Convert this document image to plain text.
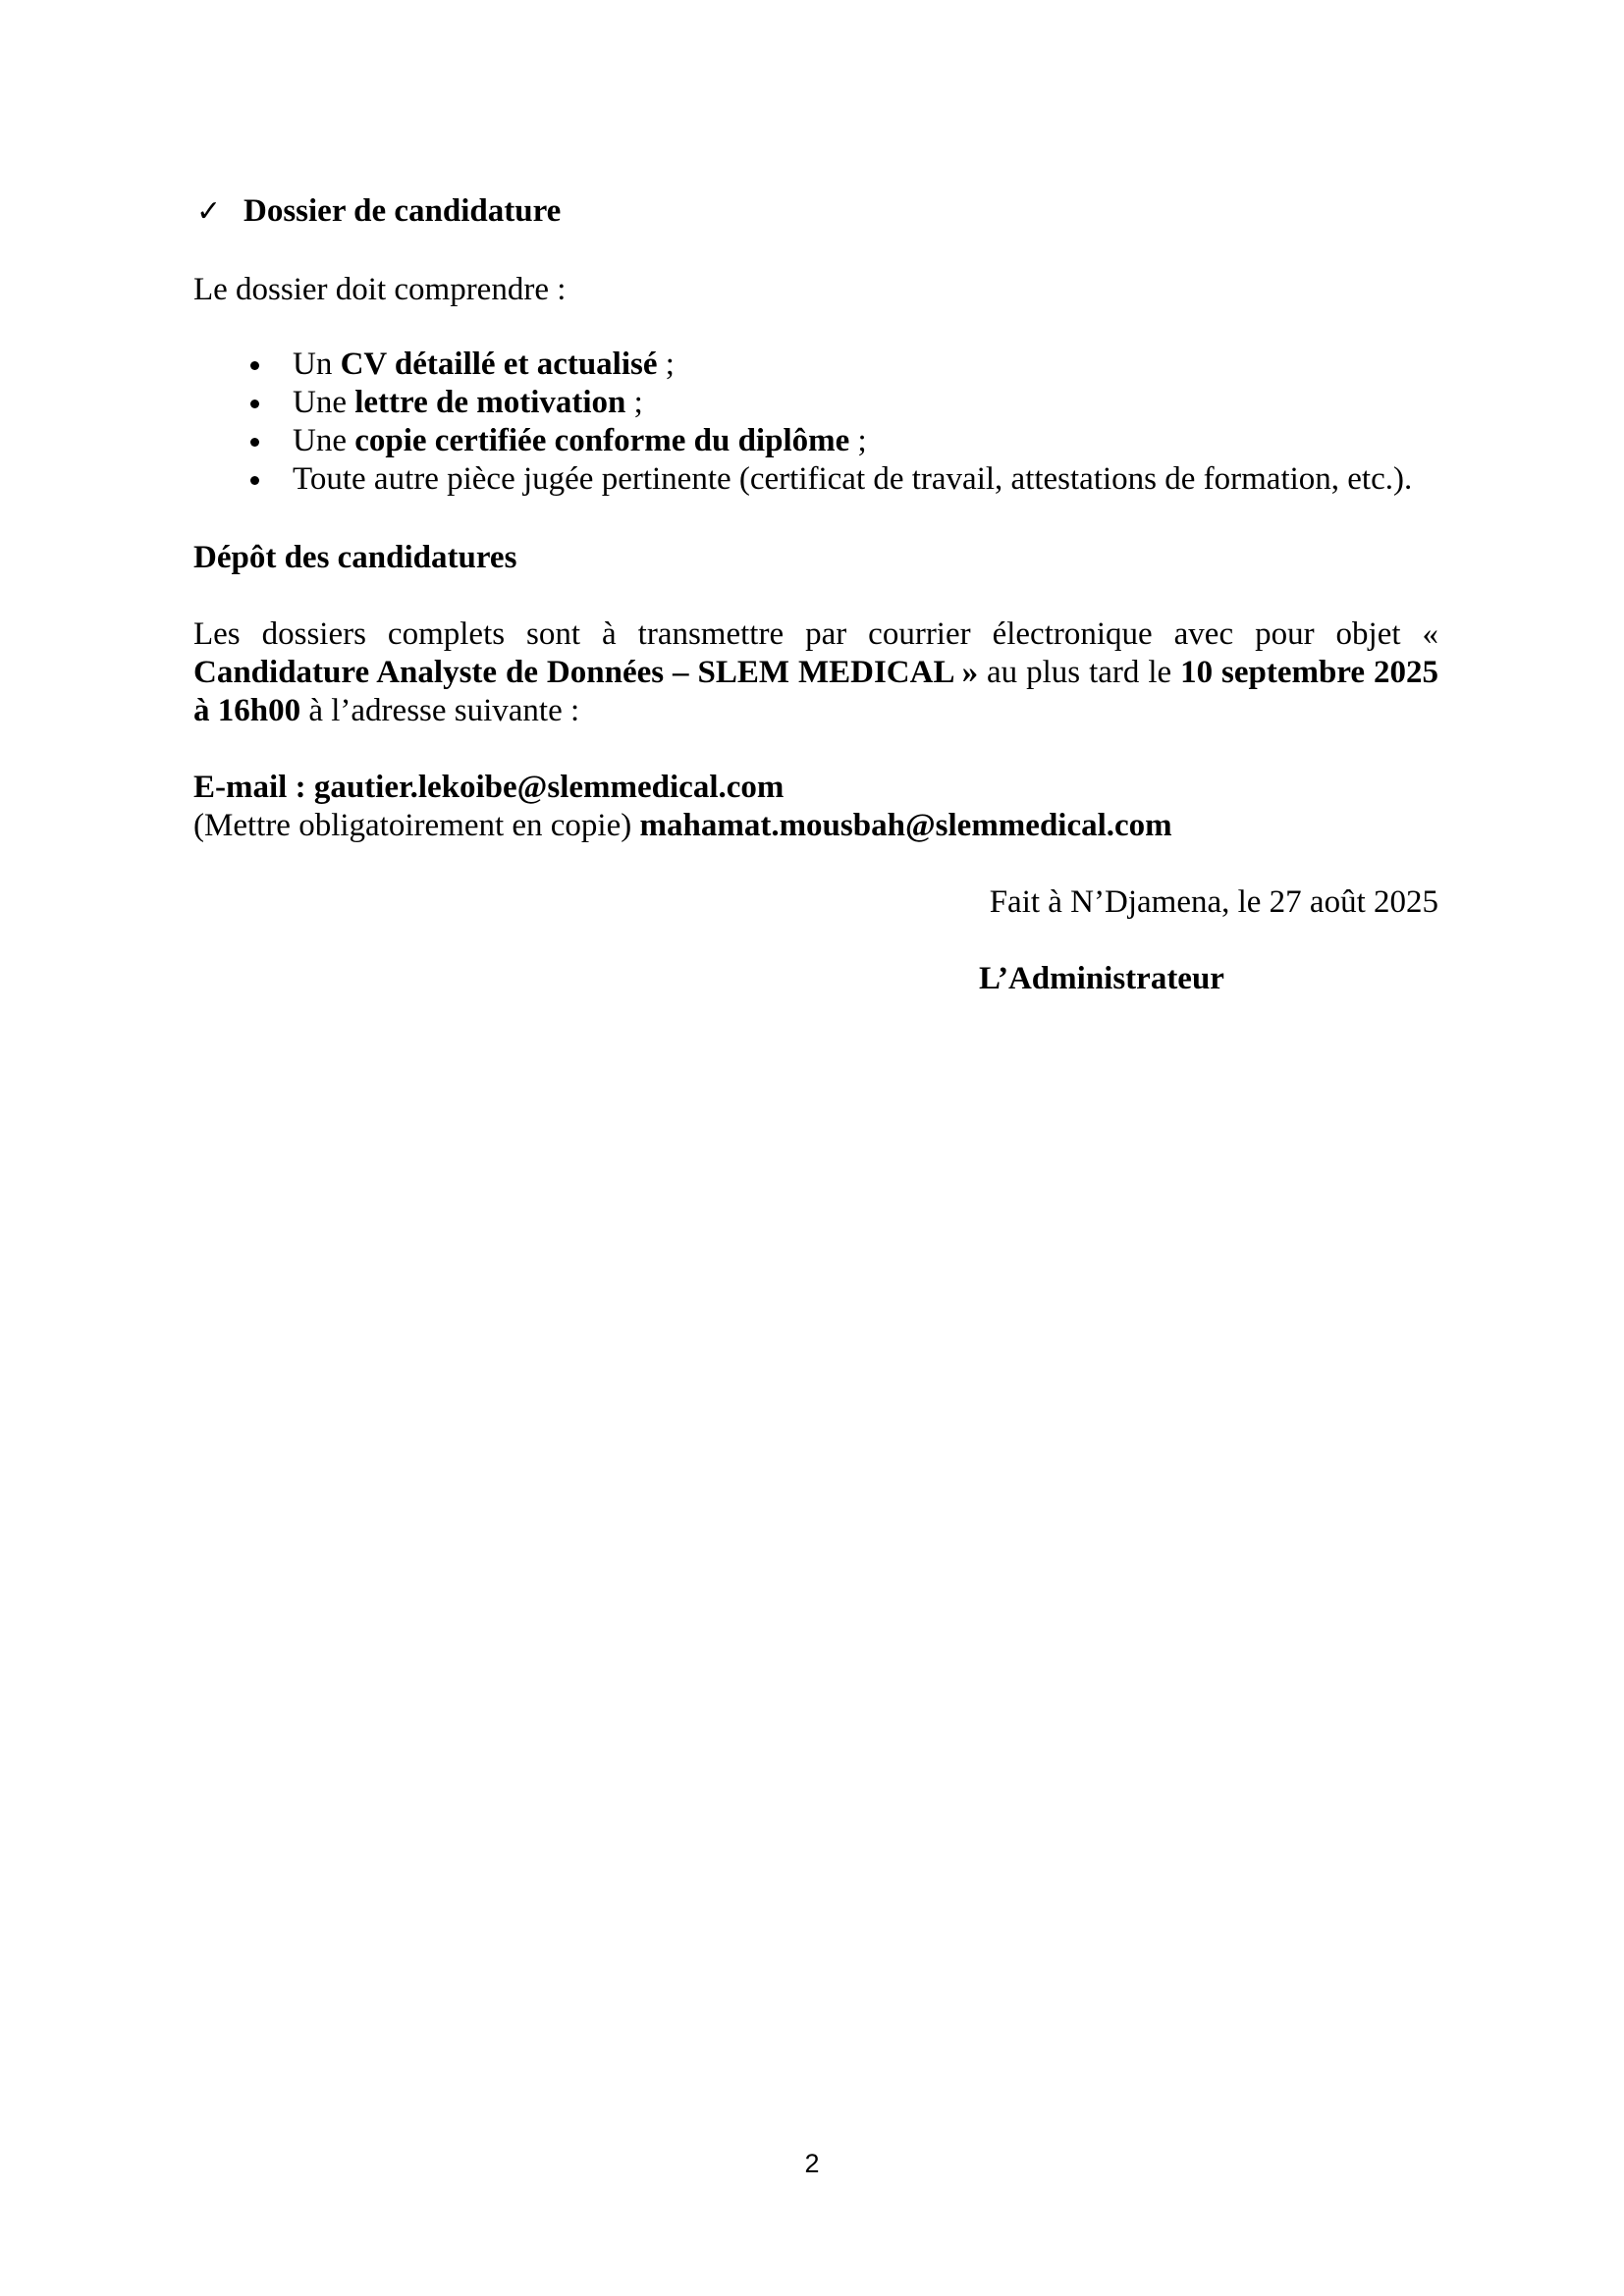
✓ Dossier de candidature
Le dossier doit comprendre :
Un CV détaillé et actualisé ;
Une lettre de motivation ;
Une copie certifiée conforme du diplôme ;
Toute autre pièce jugée pertinente (certificat de travail, attestations de formation, etc.).
Dépôt des candidatures
Les dossiers complets sont à transmettre par courrier électronique avec pour objet « Candidature Analyste de Données – SLEM MEDICAL » au plus tard le 10 septembre 2025 à 16h00 à l’adresse suivante :
E-mail : gautier.lekoibe@slemmedical.com
(Mettre obligatoirement en copie) mahamat.mousbah@slemmedical.com
Fait à N’Djamena, le 27 août 2025
L’Administrateur
2
